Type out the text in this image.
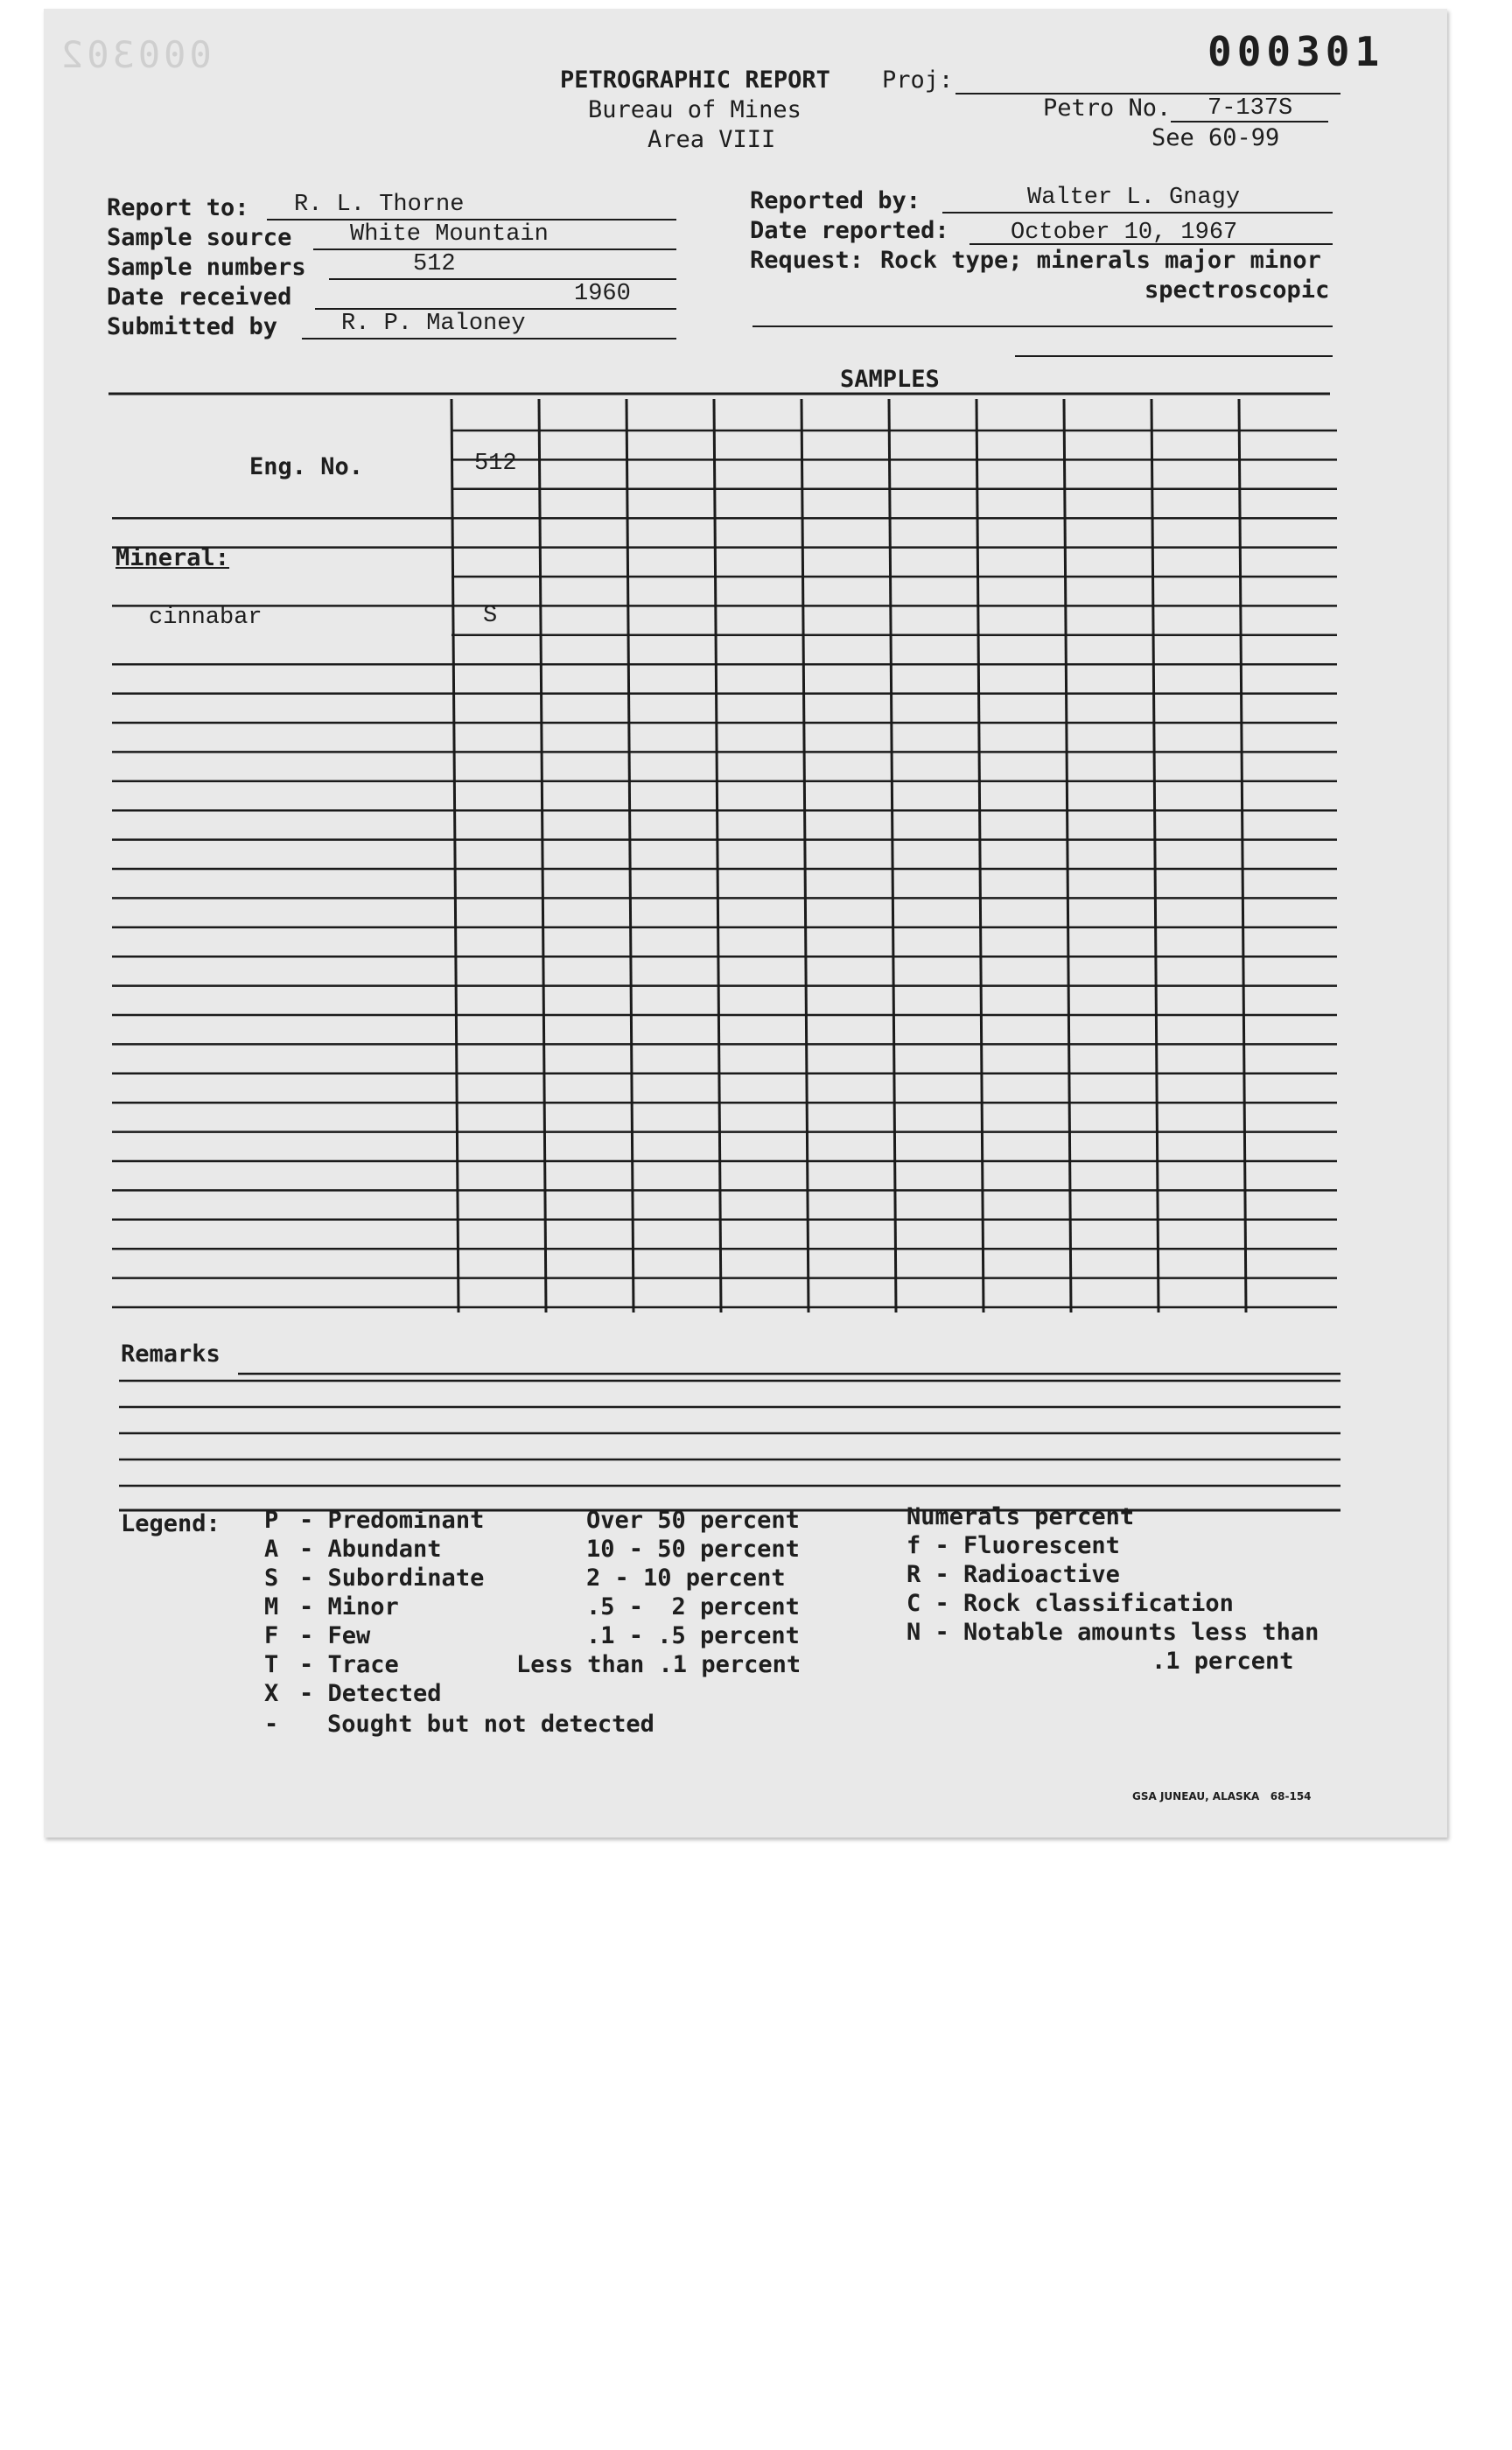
000302	000301
PETROGRAPHIC REPORT
Bureau of Mines
Area VIII
Proj:
Petro No. 7-137S
See 60-99
Report to: R. L. Thorne
Sample source White Mountain
Sample numbers	512
Date received	1960
Submitted by	R. P. Maloney
Reported by:	Walter L. Gnagy
Date reported:	October 10, 1967
Request: Rock type; minerals major minor
spectroscopic
SAMPLES
Eng. No.	512
Mineral:
cinnabar	S
Remarks
Legend: P - Predominant	Over 50 percent
A - Abundant	10 - 50 percent
S - Subordinate	2 - 10 percent
M - Minor	.5 -  2 percent
F - Few	.1 - .5 percent
T - Trace	Less than .1 percent
X - Detected
- Sought but not detected
Numerals percent
f - Fluorescent
R - Radioactive
C - Rock classification
N - Notable amounts less than
.1 percent
GSA JUNEAU, ALASKA   68-154
